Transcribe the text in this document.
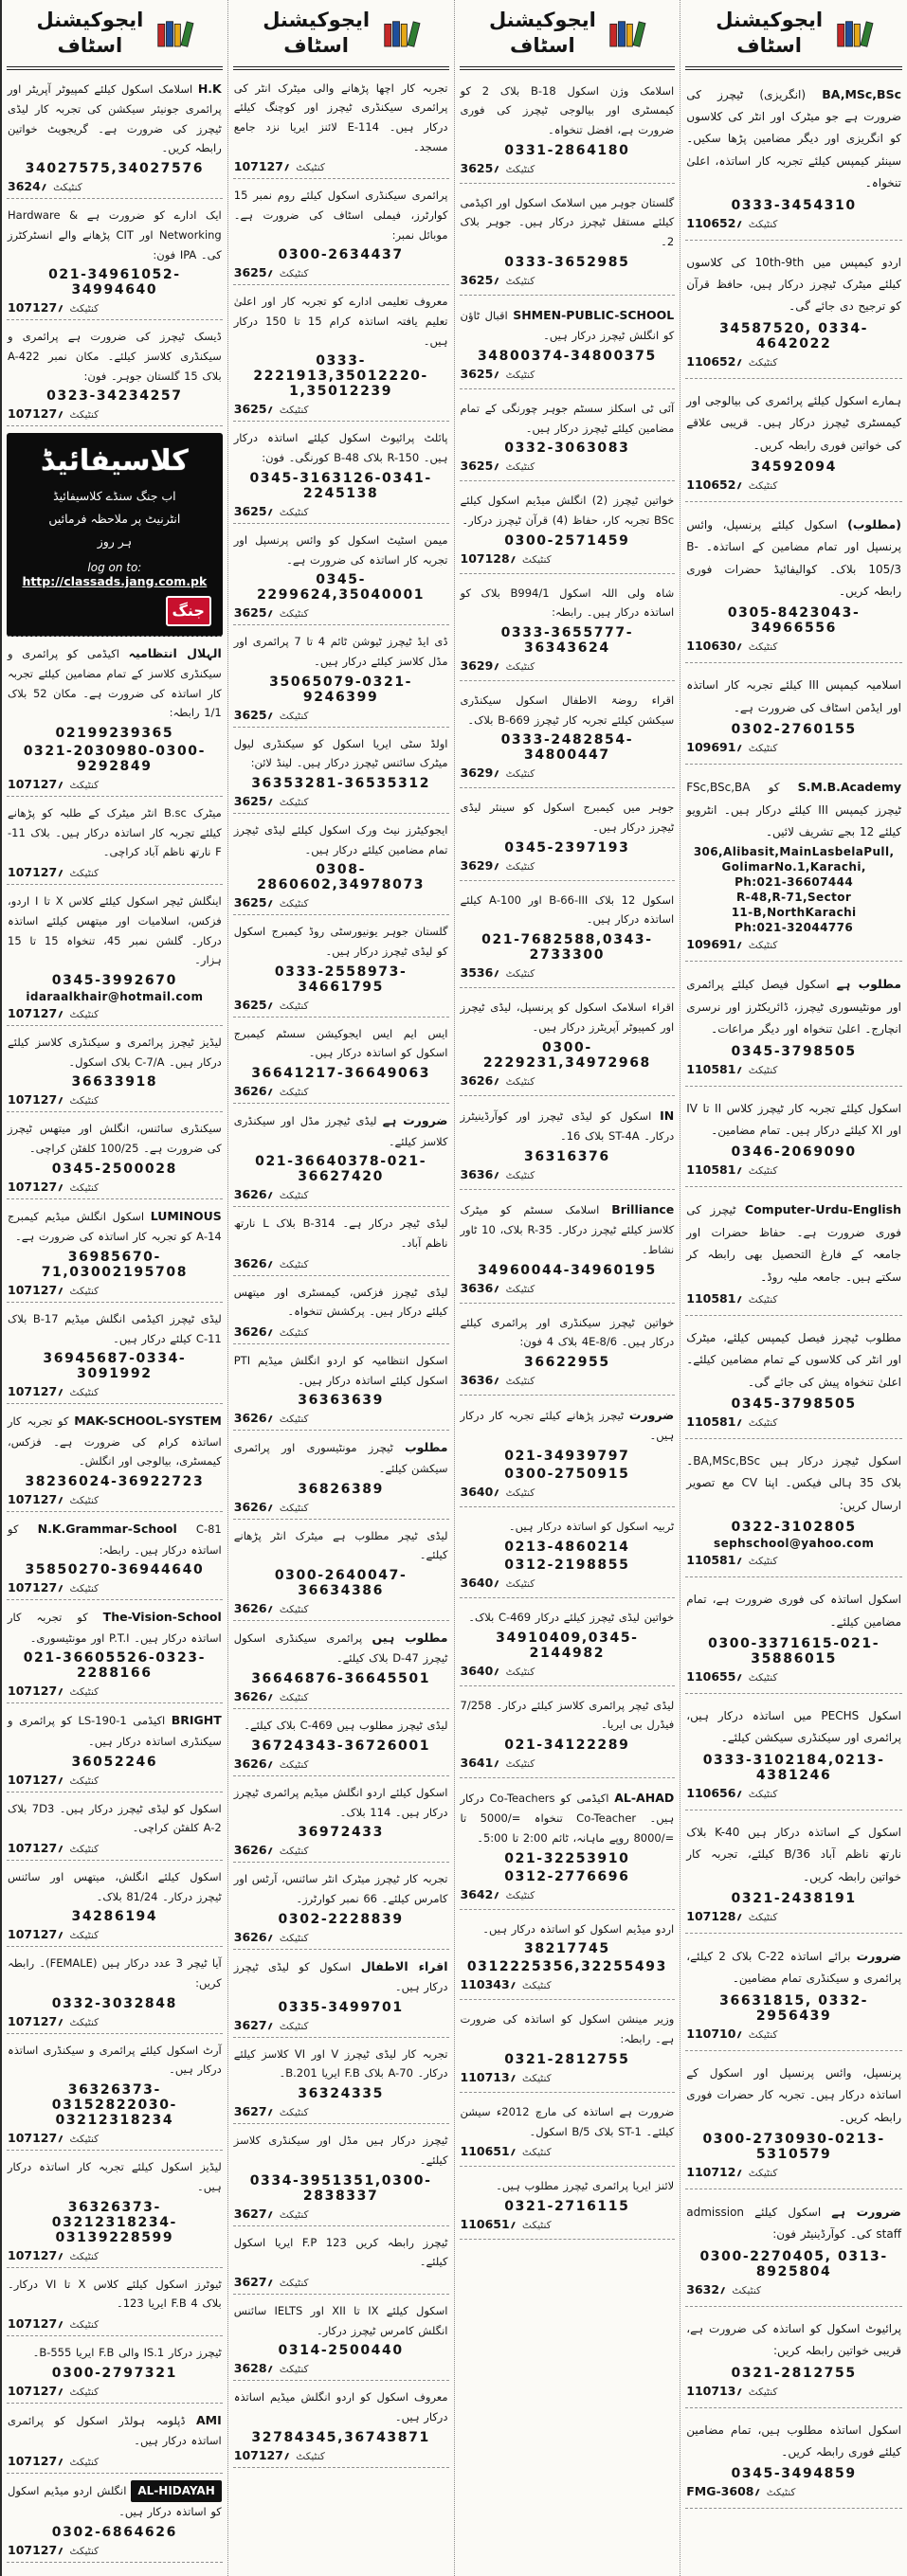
ایجوکیشنل اسٹاف

H.K اسلامک اسکول کیلئے کمپیوٹر آپریٹر اور پرائمری جونیئر سیکشن کی تجربہ کار لیڈی ٹیچرز کی ضرورت ہے۔ گریجویٹ خواتین رابطہ کریں۔

34027575,34027576
3624؍ کنٹیکٹ

ایک ادارے کو ضرورت ہے Hardware & Networking اور CIT پڑھانے والے انسٹرکٹرز کی۔ IPA فون:

021-34961052-34994640
107127؍ کنٹیکٹ

ڈیسک ٹیچرز کی ضرورت ہے پرائمری و سیکنڈری کلاسز کیلئے۔ مکان نمبر A-422 بلاک 15 گلستان جوہر۔ فون:

0323-34234257
107127؍ کنٹیکٹ
کلاسیفائیڈ
اب جنگ سنڈے کلاسیفائیڈ
انٹرنیٹ پر ملاحظہ فرمائیں
ہر روز
log on to:
http://classads.jang.com.pk
جنگ

الہلال انتظامیہ اکیڈمی کو پرائمری و سیکنڈری کلاسز کے تمام مضامین کیلئے تجربہ کار اساتذہ کی ضرورت ہے۔ مکان 52 بلاک 1/1 رابطہ:

02199239365
0321-2030980-0300-9292849
107127؍ کنٹیکٹ

میٹرک B.sc انٹر میٹرک کے طلبہ کو پڑھانے کیلئے تجربہ کار اساتذہ درکار ہیں۔ بلاک 11-F نارتھ ناظم آباد کراچی۔

107127؍ کنٹیکٹ

اینگلش ٹیچر اسکول کیلئے کلاس X تا I اردو، فزکس، اسلامیات اور میتھس کیلئے اساتذہ درکار۔ گلشن نمبر 45، تنخواہ 15 تا 15 ہزار۔

0345-3992670
idaraalkhair@hotmail.com
107127؍ کنٹیکٹ

لیڈیز ٹیچرز پرائمری و سیکنڈری کلاسز کیلئے درکار ہیں۔ C-7/A بلاک اسکول۔

36633918
107127؍ کنٹیکٹ

سیکنڈری سائنس، انگلش اور میتھس ٹیچرز کی ضرورت ہے۔ 100/25 کلفٹن کراچی۔

0345-2500028
107127؍ کنٹیکٹ

LUMINOUS اسکول انگلش میڈیم کیمبرج 14-A کو تجربہ کار اساتذہ کی ضرورت ہے۔

36985670-71,03002195708
107127؍ کنٹیکٹ

لیڈی ٹیچرز اکیڈمی انگلش میڈیم B-17 بلاک 11-C کیلئے درکار ہیں۔

36945687-0334-3091992
107127؍ کنٹیکٹ

MAK-SCHOOL-SYSTEM کو تجربہ کار اساتذہ کرام کی ضرورت ہے۔ فزکس، کیمسٹری، بیالوجی اور انگلش۔

38236024-36922723
107127؍ کنٹیکٹ

N.K.Grammar-School C-81 کو اساتذہ درکار ہیں۔ رابطہ:

35850270-36944640
107127؍ کنٹیکٹ

The-Vision-School کو تجربہ کار اساتذہ درکار ہیں۔ P.T.I اور مونٹیسوری۔

021-36605526-0323-2288166
107127؍ کنٹیکٹ

BRIGHT اکیڈمی LS-190-1 کو پرائمری و سیکنڈری اساتذہ درکار ہیں۔

36052246
107127؍ کنٹیکٹ

اسکول کو لیڈی ٹیچرز درکار ہیں۔ 7D3 بلاک A-2 کلفٹن کراچی۔

107127؍ کنٹیکٹ

اسکول کیلئے انگلش، میتھس اور سائنس ٹیچرز درکار۔ 81/24 بلاک۔

34286194
107127؍ کنٹیکٹ

آیا ٹیچر 3 عدد درکار ہیں (FEMALE)۔ رابطہ کریں:

0332-3032848
107127؍ کنٹیکٹ

آرٹ اسکول کیلئے پرائمری و سیکنڈری اساتذہ درکار ہیں۔

36326373-03152822030-03212318234
107127؍ کنٹیکٹ

لیڈیز اسکول کیلئے تجربہ کار اساتذہ درکار ہیں۔

36326373-03212318234-03139228599
107127؍ کنٹیکٹ

ٹیوٹرز اسکول کیلئے کلاس X تا VI درکار۔ بلاک 4 F.B ایریا 123۔

107127؍ کنٹیکٹ

ٹیچرز درکار IS.1 والی F.B ایریا B-555۔

0300-2797321
107127؍ کنٹیکٹ

AMI ڈپلومہ ہولڈر اسکول کو پرائمری اساتذہ درکار ہیں۔

107127؍ کنٹیکٹ

AL-HIDAYAH انگلش اردو میڈیم اسکول کو اساتذہ درکار ہیں۔

0302-6864626
107127؍ کنٹیکٹ
ایجوکیشنل اسٹاف

تجربہ کار اچھا پڑھانے والی میٹرک انٹر کی پرائمری سیکنڈری ٹیچرز اور کوچنگ کیلئے درکار ہیں۔ 114-E لائنز ایریا نزد جامع مسجد۔

107127؍ کنٹیکٹ

پرائمری سیکنڈری اسکول کیلئے روم نمبر 15 کوارٹرز، فیملی اسٹاف کی ضرورت ہے۔ موبائل نمبر:

0300-2634437
3625؍ کنٹیکٹ

معروف تعلیمی ادارے کو تجربہ کار اور اعلیٰ تعلیم یافتہ اساتذہ کرام 15 تا 150 درکار ہیں۔

0333-2221913,35012220-1,35012239
3625؍ کنٹیکٹ

پائلٹ پرائیوٹ اسکول کیلئے اساتذہ درکار ہیں۔ R-150 بلاک 48-B کورنگی۔ فون:

0345-3163126-0341-2245138
3625؍ کنٹیکٹ

میمن اسٹیٹ اسکول کو وائس پرنسپل اور تجربہ کار اساتذہ کی ضرورت ہے۔

0345-2299624,35040001
3625؍ کنٹیکٹ

ڈی ایڈ ٹیچرز ٹیوشن ٹائم 4 تا 7 پرائمری اور مڈل کلاسز کیلئے درکار ہیں۔

35065079-0321-9246399
3625؍ کنٹیکٹ

اولڈ سٹی ایریا اسکول کو سیکنڈری لیول میٹرک سائنس ٹیچرز درکار ہیں۔ لینڈ لائن:

36353281-36535312
3625؍ کنٹیکٹ

ایجوکیٹرز نیٹ ورک اسکول کیلئے لیڈی ٹیچرز تمام مضامین کیلئے درکار ہیں۔

0308-2860602,34978073
3625؍ کنٹیکٹ

گلستان جوہر یونیورسٹی روڈ کیمبرج اسکول کو لیڈی ٹیچرز درکار ہیں۔

0333-2558973-34661795
3625؍ کنٹیکٹ

ایس ایم ایس ایجوکیشن سسٹم کیمبرج اسکول کو اساتذہ درکار ہیں۔

36641217-36649063
3626؍ کنٹیکٹ

ضرورت ہے لیڈی ٹیچرز مڈل اور سیکنڈری کلاسز کیلئے۔

021-36640378-021-36627420
3626؍ کنٹیکٹ

لیڈی ٹیچر درکار ہے۔ B-314 بلاک L نارتھ ناظم آباد۔

3626؍ کنٹیکٹ

لیڈی ٹیچرز فزکس، کیمسٹری اور میتھس کیلئے درکار ہیں۔ پرکشش تنخواہ۔

3626؍ کنٹیکٹ

اسکول انتظامیہ کو اردو انگلش میڈیم PTI اسکول کیلئے اساتذہ درکار ہیں۔

36363639
3626؍ کنٹیکٹ

مطلوب ٹیچرز مونٹیسوری اور پرائمری سیکشن کیلئے۔

36826389
3626؍ کنٹیکٹ

لیڈی ٹیچر مطلوب ہے میٹرک انٹر پڑھانے کیلئے۔

0300-2640047-36634386
3626؍ کنٹیکٹ

مطلوب ہیں پرائمری سیکنڈری اسکول ٹیچرز D-47 بلاک کیلئے۔

36646876-36645501
3626؍ کنٹیکٹ

لیڈی ٹیچرز مطلوب ہیں C-469 بلاک کیلئے۔

36724343-36726001
3626؍ کنٹیکٹ

اسکول کیلئے اردو انگلش میڈیم پرائمری ٹیچرز درکار ہیں۔ 114 بلاک۔

36972433
3626؍ کنٹیکٹ

تجربہ کار ٹیچرز میٹرک انٹر سائنس، آرٹس اور کامرس کیلئے۔ 66 نمبر کوارٹرز۔

0302-2228839
3626؍ کنٹیکٹ

اقراء الاطفال اسکول کو لیڈی ٹیچرز درکار ہیں۔

0335-3499701
3627؍ کنٹیکٹ

تجربہ کار لیڈی ٹیچرز V اور VI کلاسز کیلئے درکار۔ A-70 بلاک F.B ایریا B.201۔

36324335
3627؍ کنٹیکٹ

ٹیچرز درکار ہیں مڈل اور سیکنڈری کلاسز کیلئے۔

0334-3951351,0300-2838337
3627؍ کنٹیکٹ

ٹیچرز رابطہ کریں F.P 123 ایریا اسکول کیلئے۔

3627؍ کنٹیکٹ

اسکول کیلئے IX تا XII اور IELTS سائنس انگلش کامرس ٹیچرز درکار۔

0314-2500440
3628؍ کنٹیکٹ

معروف اسکول کو اردو انگلش میڈیم اساتذہ درکار ہیں۔

32784345,36743871
107127؍ کنٹیکٹ
ایجوکیشنل اسٹاف

اسلامک وژن اسکول B-18 بلاک 2 کو کیمسٹری اور بیالوجی ٹیچرز کی فوری ضرورت ہے، افضل تنخواہ۔

0331-2864180
3625؍ کنٹیکٹ

گلستان جوہر میں اسلامک اسکول اور اکیڈمی کیلئے مستقل ٹیچرز درکار ہیں۔ جوہر بلاک 2۔

0333-3652985
3625؍ کنٹیکٹ

SHMEN-PUBLIC-SCHOOL اقبال ٹاؤن کو انگلش ٹیچرز درکار ہیں۔

34800374-34800375
3625؍ کنٹیکٹ

آئی ٹی اسکلز سسٹم جوہر چورنگی کے تمام مضامین کیلئے ٹیچرز درکار ہیں۔

0332-3063083
3625؍ کنٹیکٹ

خواتین ٹیچرز (2) انگلش میڈیم اسکول کیلئے BSc تجربہ کار، حفاظ (4) قرآن ٹیچرز درکار۔

0300-2571459
107128؍ کنٹیکٹ

شاہ ولی اللہ اسکول B994/1 بلاک کو اساتذہ درکار ہیں۔ رابطہ:

0333-3655777-36343624
3629؍ کنٹیکٹ

اقراء روضۃ الاطفال اسکول سیکنڈری سیکشن کیلئے تجربہ کار ٹیچرز B-669 بلاک۔

0333-2482854-34800447
3629؍ کنٹیکٹ

جوہر میں کیمبرج اسکول کو سینئر لیڈی ٹیچرز درکار ہیں۔

0345-2397193
3629؍ کنٹیکٹ

اسکول 12 بلاک B-66-III اور 100-A کیلئے اساتذہ درکار ہیں۔

021-7682588,0343-2733300
3536؍ کنٹیکٹ

اقراء اسلامک اسکول کو پرنسپل، لیڈی ٹیچرز اور کمپیوٹر آپریٹرز درکار ہیں۔

0300-2229231,34972968
3626؍ کنٹیکٹ

IN اسکول کو لیڈی ٹیچرز اور کوآرڈینیٹرز درکار۔ ST-4A بلاک 16۔

36316376
3636؍ کنٹیکٹ

Brilliance اسلامک سسٹم کو میٹرک کلاسز کیلئے ٹیچرز درکار۔ R-35 بلاک، 10 ٹاور نشاط۔

34960044-34960195
3636؍ کنٹیکٹ

خواتین ٹیچرز سیکنڈری اور پرائمری کیلئے درکار ہیں۔ 4E-8/6 بلاک 4 فون:

36622955
3636؍ کنٹیکٹ

ضرورت ٹیچرز پڑھانے کیلئے تجربہ کار درکار ہیں۔

021-34939797
0300-2750915
3640؍ کنٹیکٹ

ٹربیہ اسکول کو اساتذہ درکار ہیں۔

0213-4860214
0312-2198855
3640؍ کنٹیکٹ

خواتین لیڈی ٹیچرز کیلئے درکار C-469 بلاک۔

34910409,0345-2144982
3640؍ کنٹیکٹ

لیڈی ٹیچر پرائمری کلاسز کیلئے درکار۔ 7/258 فیڈرل بی ایریا۔

021-34122289
3641؍ کنٹیکٹ

AL-AHAD اکیڈمی کو Co-Teachers درکار ہیں۔ Co-Teacher تنخواہ =/5000 تا =/8000 روپے ماہانہ، ٹائم 2:00 تا 5:00۔

021-32253910
0312-2776696
3642؍ کنٹیکٹ

اردو میڈیم اسکول کو اساتذہ درکار ہیں۔

38217745
0312225356,32255493
110343؍ کنٹیکٹ

وزیر مینشن اسکول کو اساتذہ کی ضرورت ہے۔ رابطہ:

0321-2812755
110713؍ کنٹیکٹ

ضرورت ہے اساتذہ کی مارچ 2012ء سیشن کیلئے۔ ST-1 بلاک 5/B اسکول۔

110651؍ کنٹیکٹ

لائنز ایریا پرائمری ٹیچرز مطلوب ہیں۔

0321-2716115
110651؍ کنٹیکٹ
ایجوکیشنل اسٹاف

BA,MSc,BSc (انگریزی) ٹیچرز کی ضرورت ہے جو میٹرک اور انٹر کی کلاسوں کو انگریزی اور دیگر مضامین پڑھا سکیں۔ سینئر کیمپس کیلئے تجربہ کار اساتذہ، اعلیٰ تنخواہ۔

0333-3454310
110652؍ کنٹیکٹ

اردو کیمپس میں 10th-9th کی کلاسوں کیلئے میٹرک ٹیچرز درکار ہیں، حافظ قرآن کو ترجیح دی جائے گی۔

34587520, 0334-4642022
110652؍ کنٹیکٹ

ہمارے اسکول کیلئے پرائمری کی بیالوجی اور کیمسٹری ٹیچرز درکار ہیں۔ قریبی علاقے کی خواتین فوری رابطہ کریں۔

34592094
110652؍ کنٹیکٹ

(مطلوب) اسکول کیلئے پرنسپل، وائس پرنسپل اور تمام مضامین کے اساتذہ۔ B-105/3 بلاک۔ کوالیفائیڈ حضرات فوری رابطہ کریں۔

0305-8423043-34966556
110630؍ کنٹیکٹ

اسلامیہ کیمپس III کیلئے تجربہ کار اساتذہ اور ایڈمن اسٹاف کی ضرورت ہے۔

0302-2760155
109691؍ کنٹیکٹ

S.M.B.Academy کو FSc,BSc,BA ٹیچرز کیمپس III کیلئے درکار ہیں۔ انٹرویو کیلئے 12 بجے تشریف لائیں۔

306,Alibasit,MainLasbelaPull,
GolimarNo.1,Karachi,
Ph:021-36607444
R-48,R-71,Sector
11-B,NorthKarachi
Ph:021-32044776
109691؍ کنٹیکٹ

مطلوب ہے اسکول فیصل کیلئے پرائمری اور مونٹیسوری ٹیچرز، ڈائریکٹرز اور نرسری انچارج۔ اعلیٰ تنخواہ اور دیگر مراعات۔

0345-3798505
110581؍ کنٹیکٹ

اسکول کیلئے تجربہ کار ٹیچرز کلاس II تا IV اور XI کیلئے درکار ہیں۔ تمام مضامین۔

0346-2069090
110581؍ کنٹیکٹ

Computer-Urdu-English ٹیچرز کی فوری ضرورت ہے۔ حفاظ حضرات اور جامعہ کے فارغ التحصیل بھی رابطہ کر سکتے ہیں۔ جامعہ ملیہ روڈ۔

110581؍ کنٹیکٹ

مطلوب ٹیچرز فیصل کیمپس کیلئے، میٹرک اور انٹر کی کلاسوں کے تمام مضامین کیلئے۔ اعلیٰ تنخواہ پیش کی جائے گی۔

0345-3798505
110581؍ کنٹیکٹ

اسکول ٹیچرز درکار ہیں BA,MSc,BSc۔ بلاک 35 ہالی فیکس۔ اپنا CV مع تصویر ارسال کریں:

0322-3102805
sephschool@yahoo.com
110581؍ کنٹیکٹ

اسکول اساتذہ کی فوری ضرورت ہے، تمام مضامین کیلئے۔

0300-3371615-021-35886015
110655؍ کنٹیکٹ

اسکول PECHS میں اساتذہ درکار ہیں، پرائمری اور سیکنڈری سیکشن کیلئے۔

0333-3102184,0213-4381246
110656؍ کنٹیکٹ

اسکول کے اساتذہ درکار ہیں K-40 بلاک نارتھ ناظم آباد 36/B کیلئے، تجربہ کار خواتین رابطہ کریں۔

0321-2438191
107128؍ کنٹیکٹ

ضرورت برائے اساتذہ C-22 بلاک 2 کیلئے، پرائمری و سیکنڈری تمام مضامین۔

36631815, 0332-2956439
110710؍ کنٹیکٹ

پرنسپل، وائس پرنسپل اور اسکول کے اساتذہ درکار ہیں۔ تجربہ کار حضرات فوری رابطہ کریں۔

0300-2730930-0213-5310579
110712؍ کنٹیکٹ

ضرورت ہے اسکول کیلئے admission staff کی۔ کوآرڈینیٹر فون:

0300-2270405, 0313-8925804
3632؍ کنٹیکٹ

پرائیوٹ اسکول کو اساتذہ کی ضرورت ہے، قریبی خواتین رابطہ کریں:

0321-2812755
110713؍ کنٹیکٹ

اسکول اساتذہ مطلوب ہیں، تمام مضامین کیلئے فوری رابطہ کریں۔

0345-3494859
FMG-3608؍ کنٹیکٹ
